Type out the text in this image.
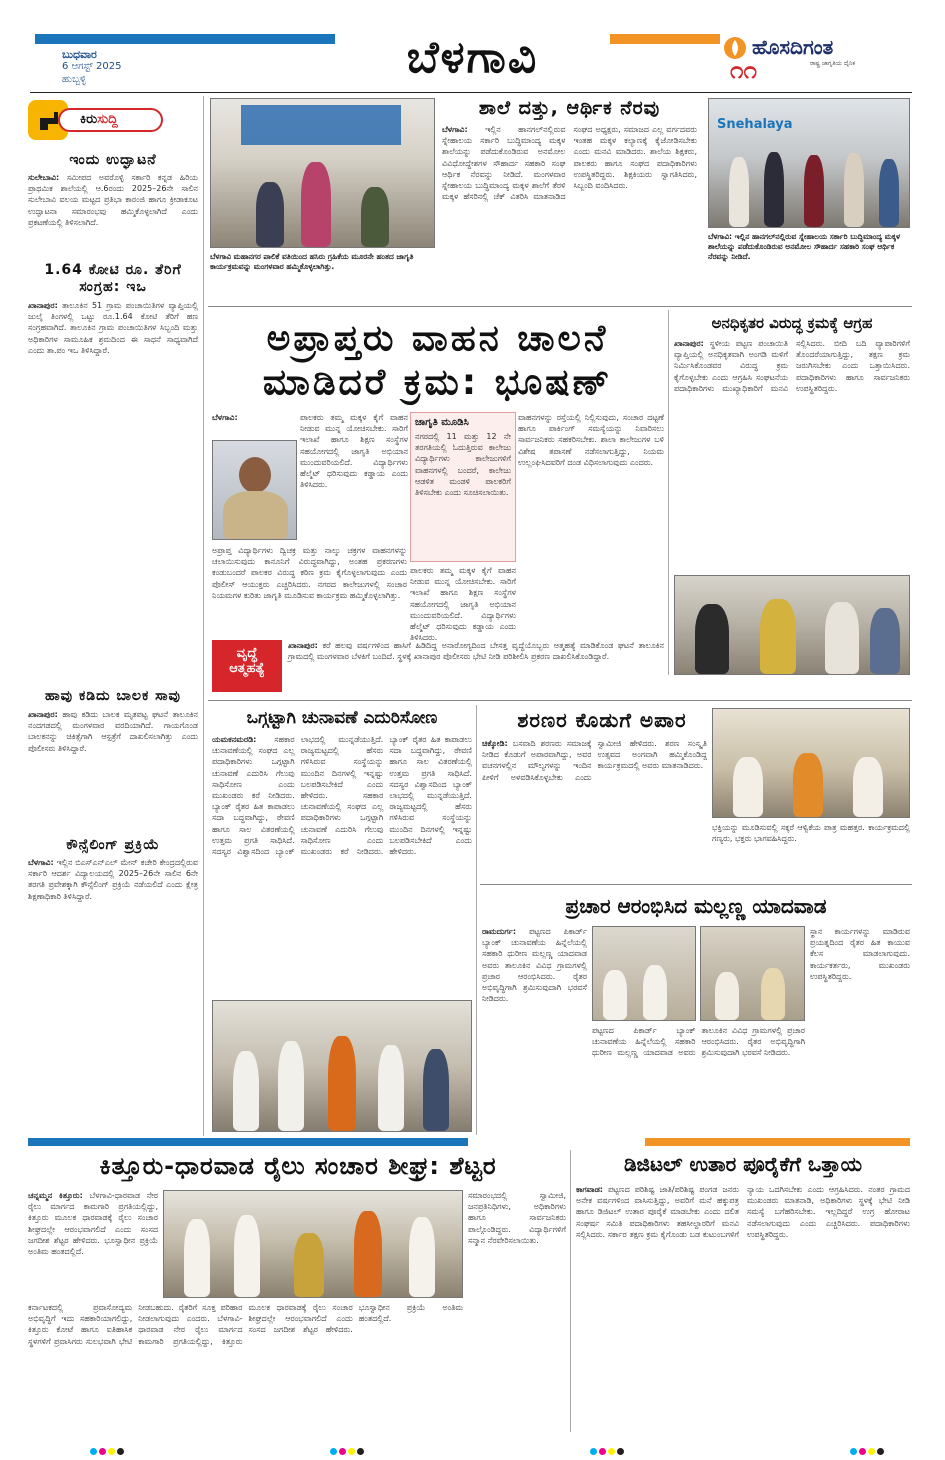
ಬುಧವಾರ
6 ಆಗಸ್ಟ್ 2025
ಹುಬ್ಬಳ್ಳಿ	ಬೆಳಗಾವಿ	ಹೊಸದಿಗಂತ
ರಾಷ್ಟ್ರ ಜಾಗೃತಿಯ ದೈನಿಕ
೧೧
ಕಿರುಸುದ್ದಿ
ಇಂದು ಉದ್ಘಾಟನೆ
ಸುಲೇಬಾವಿ: ಸಮೀಪದ ಅವರೊಳ್ಳಿ ಸರ್ಕಾರಿ ಕನ್ನಡ ಹಿರಿಯ ಪ್ರಾಥಮಿಕ ಶಾಲೆಯಲ್ಲಿ ಆ.6ರಂದು 2025–26ನೇ ಸಾಲಿನ ಸುಲೇಬಾವಿ ವಲಯ ಮಟ್ಟದ ಪ್ರತಿಭಾ ಕಾರಂಜಿ ಹಾಗೂ ಕ್ರೀಡಾಕೂಟ ಉದ್ಘಾಟನಾ ಸಮಾರಂಭವು ಹಮ್ಮಿಕೊಳ್ಳಲಾಗಿದೆ ಎಂದು ಪ್ರಕಟಣೆಯಲ್ಲಿ ತಿಳಿಸಲಾಗಿದೆ.
1.64 ಕೋಟಿ ರೂ. ತೆರಿಗೆ ಸಂಗ್ರಹ: ಇಒ
ಖಾನಾಪುರ: ತಾಲೂಕಿನ 51 ಗ್ರಾಮ ಪಂಚಾಯಿತಿಗಳ ವ್ಯಾಪ್ತಿಯಲ್ಲಿ ಜುಲೈ ತಿಂಗಳಲ್ಲಿ ಒಟ್ಟು ರೂ.1.64 ಕೋಟಿ ತೆರಿಗೆ ಹಣ ಸಂಗ್ರಹವಾಗಿದೆ. ತಾಲೂಕಿನ ಗ್ರಾಮ ಪಂಚಾಯಿತಿಗಳ ಸಿಬ್ಬಂದಿ ಮತ್ತು ಅಧಿಕಾರಿಗಳ ಸಾಮೂಹಿಕ ಶ್ರಮದಿಂದ ಈ ಸಾಧನೆ ಸಾಧ್ಯವಾಗಿದೆ ಎಂದು ತಾ.ಪಂ ಇಒ ತಿಳಿಸಿದ್ದಾರೆ.
ಹಾವು ಕಡಿದು ಬಾಲಕ ಸಾವು
ಖಾನಾಪುರ: ಹಾವು ಕಡಿದು ಬಾಲಕ ಮೃತಪಟ್ಟ ಘಟನೆ ತಾಲೂಕಿನ ನಂದಗಡದಲ್ಲಿ ಮಂಗಳವಾರ ವರದಿಯಾಗಿದೆ. ಗಾಯಗೊಂಡ ಬಾಲಕನನ್ನು ಚಿಕಿತ್ಸೆಗಾಗಿ ಆಸ್ಪತ್ರೆಗೆ ದಾಖಲಿಸಲಾಗಿತ್ತು ಎಂದು ಪೊಲೀಸರು ತಿಳಿಸಿದ್ದಾರೆ.
ಕೌನ್ಸೆಲಿಂಗ್ ಪ್ರಕ್ರಿಯೆ
ಬೆಳಗಾವಿ: ಇಲ್ಲಿನ ಬಿಎಸ್ಎನ್ಎಲ್ ಮೇನ್ ಕಚೇರಿ ಕೇಂದ್ರದಲ್ಲಿರುವ ಸರ್ಕಾರಿ ಆದರ್ಶ ವಿದ್ಯಾಲಯದಲ್ಲಿ 2025–26ನೇ ಸಾಲಿನ 6ನೇ ತರಗತಿ ಪ್ರವೇಶಕ್ಕಾಗಿ ಕೌನ್ಸೆಲಿಂಗ್ ಪ್ರಕ್ರಿಯೆ ನಡೆಯಲಿದೆ ಎಂದು ಕ್ಷೇತ್ರ ಶಿಕ್ಷಣಾಧಿಕಾರಿ ತಿಳಿಸಿದ್ದಾರೆ.
ಬೆಳಗಾವಿ ಮಹಾನಗರ ಪಾಲಿಕೆ ವತಿಯಿಂದ ಹಸಿರು ಗ್ರಹಿಕೆಯ ಮೂರನೇ ಹಂತದ ಜಾಗೃತಿ ಕಾರ್ಯಕ್ರಮವನ್ನು ಮಂಗಳವಾರ ಹಮ್ಮಿಕೊಳ್ಳಲಾಗಿತ್ತು.
ಶಾಲೆ ದತ್ತು, ಆರ್ಥಿಕ ನೆರವು
ಬೆಳಗಾವಿ: ಇಲ್ಲಿನ ಹಾನಗಲ್‌ನಲ್ಲಿರುವ ಸ್ನೇಹಾಲಯ ಸರ್ಕಾರಿ ಬುದ್ಧಿಮಾಂದ್ಯ ಮಕ್ಕಳ ಶಾಲೆಯನ್ನು ಪಡೆದುಕೊಂಡಿರುವ ಅನಮೋಲ ವಿವಿಧೋದ್ದೇಶಗಳ ಸೌಹಾರ್ದ ಸಹಕಾರಿ ಸಂಘ ಆರ್ಥಿಕ ನೆರವನ್ನು ನೀಡಿದೆ. ಮಂಗಳವಾರ ಸ್ನೇಹಾಲಯ ಬುದ್ಧಿಮಾಂದ್ಯ ಮಕ್ಕಳ ಶಾಲೆಗೆ ತೆರಳಿ ಮಕ್ಕಳ ಹೆಸರಿನಲ್ಲಿ ಚೆಕ್ ವಿತರಿಸಿ ಮಾತನಾಡಿದ ಸಂಘದ ಅಧ್ಯಕ್ಷರು, ಸಮಾಜದ ಎಲ್ಲ ವರ್ಗದವರು ಇಂತಹ ಮಕ್ಕಳ ಕಲ್ಯಾಣಕ್ಕೆ ಕೈಜೋಡಿಸಬೇಕು ಎಂದು ಮನವಿ ಮಾಡಿದರು. ಶಾಲೆಯ ಶಿಕ್ಷಕರು, ಪಾಲಕರು ಹಾಗೂ ಸಂಘದ ಪದಾಧಿಕಾರಿಗಳು ಉಪಸ್ಥಿತರಿದ್ದರು. ಶಿಕ್ಷಕಿಯರು ಸ್ವಾಗತಿಸಿದರು, ಸಿಬ್ಬಂದಿ ವಂದಿಸಿದರು.
Snehalaya
ಬೆಳಗಾವಿ: ಇಲ್ಲಿನ ಹಾನಗಲ್‌ನಲ್ಲಿರುವ ಸ್ನೇಹಾಲಯ ಸರ್ಕಾರಿ ಬುದ್ಧಿಮಾಂದ್ಯ ಮಕ್ಕಳ ಶಾಲೆಯನ್ನು ಪಡೆದುಕೊಂಡಿರುವ ಅನಮೋಲ ಸೌಹಾರ್ದ ಸಹಕಾರಿ ಸಂಘ ಆರ್ಥಿಕ ನೆರವನ್ನು ನೀಡಿದೆ.
ಅಪ್ರಾಪ್ತರು ವಾಹನ ಚಾಲನೆ
ಮಾಡಿದರೆ ಕ್ರಮ: ಭೂಷಣ್
ಬೆಳಗಾವಿ:
ಅಪ್ರಾಪ್ತ ವಿದ್ಯಾರ್ಥಿಗಳು ದ್ವಿಚಕ್ರ ಮತ್ತು ನಾಲ್ಕು ಚಕ್ರಗಳ ವಾಹನಗಳನ್ನು ಚಲಾಯಿಸುವುದು ಕಾನೂನಿಗೆ ವಿರುದ್ಧವಾಗಿದ್ದು, ಅಂತಹ ಪ್ರಕರಣಗಳು ಕಂಡುಬಂದರೆ ಪಾಲಕರ ವಿರುದ್ಧ ಕಠಿಣ ಕ್ರಮ ಕೈಗೊಳ್ಳಲಾಗುವುದು ಎಂದು ಪೊಲೀಸ್ ಆಯುಕ್ತರು ಎಚ್ಚರಿಸಿದರು. ನಗರದ ಕಾಲೇಜುಗಳಲ್ಲಿ ಸಂಚಾರ ನಿಯಮಗಳ ಕುರಿತು ಜಾಗೃತಿ ಮೂಡಿಸುವ ಕಾರ್ಯಕ್ರಮ ಹಮ್ಮಿಕೊಳ್ಳಲಾಗಿತ್ತು.
ಪಾಲಕರು ತಮ್ಮ ಮಕ್ಕಳ ಕೈಗೆ ವಾಹನ ನೀಡುವ ಮುನ್ನ ಯೋಚಿಸಬೇಕು. ಸಾರಿಗೆ ಇಲಾಖೆ ಹಾಗೂ ಶಿಕ್ಷಣ ಸಂಸ್ಥೆಗಳ ಸಹಯೋಗದಲ್ಲಿ ಜಾಗೃತಿ ಅಭಿಯಾನ ಮುಂದುವರಿಯಲಿದೆ. ವಿದ್ಯಾರ್ಥಿಗಳು ಹೆಲ್ಮೆಟ್ ಧರಿಸುವುದು ಕಡ್ಡಾಯ ಎಂದು ತಿಳಿಸಿದರು.
ಜಾಗೃತಿ ಮೂಡಿಸಿ
ನಗರದಲ್ಲಿ 11 ಮತ್ತು 12 ನೇ ತರಗತಿಯಲ್ಲಿ ಓದುತ್ತಿರುವ ಕಾಲೇಜು ವಿದ್ಯಾರ್ಥಿಗಳು ಕಾಲೇಜುಗಳಿಗೆ ವಾಹನಗಳಲ್ಲಿ ಬಂದರೆ, ಕಾಲೇಜು ಆಡಳಿತ ಮಂಡಳಿ ಪಾಲಕರಿಗೆ ತಿಳಿಸಬೇಕು ಎಂದು ಸೂಚಿಸಲಾಯಿತು.
ವಾಹನಗಳನ್ನು ರಸ್ತೆಯಲ್ಲಿ ನಿಲ್ಲಿಸುವುದು, ಸಂಚಾರ ದಟ್ಟಣೆ ಹಾಗೂ ಪಾರ್ಕಿಂಗ್ ಸಮಸ್ಯೆಯನ್ನು ನಿವಾರಿಸಲು ಸಾರ್ವಜನಿಕರು ಸಹಕರಿಸಬೇಕು. ಶಾಲಾ ಕಾಲೇಜುಗಳ ಬಳಿ ವಿಶೇಷ ತಪಾಸಣೆ ನಡೆಸಲಾಗುತ್ತಿದ್ದು, ನಿಯಮ ಉಲ್ಲಂಘಿಸಿದವರಿಗೆ ದಂಡ ವಿಧಿಸಲಾಗುವುದು ಎಂದರು.
ಪಾಲಕರು ತಮ್ಮ ಮಕ್ಕಳ ಕೈಗೆ ವಾಹನ ನೀಡುವ ಮುನ್ನ ಯೋಚಿಸಬೇಕು. ಸಾರಿಗೆ ಇಲಾಖೆ ಹಾಗೂ ಶಿಕ್ಷಣ ಸಂಸ್ಥೆಗಳ ಸಹಯೋಗದಲ್ಲಿ ಜಾಗೃತಿ ಅಭಿಯಾನ ಮುಂದುವರಿಯಲಿದೆ. ವಿದ್ಯಾರ್ಥಿಗಳು ಹೆಲ್ಮೆಟ್ ಧರಿಸುವುದು ಕಡ್ಡಾಯ ಎಂದು ತಿಳಿಸಿದರು.
ಅನಧಿಕೃತರ ವಿರುದ್ಧ ಕ್ರಮಕ್ಕೆ ಆಗ್ರಹ
ಖಾನಾಪುರ: ಸ್ಥಳೀಯ ಪಟ್ಟಣ ಪಂಚಾಯಿತಿ ವ್ಯಾಪ್ತಿಯಲ್ಲಿ ಅನಧಿಕೃತವಾಗಿ ಅಂಗಡಿ ಮಳಿಗೆ ನಿರ್ಮಿಸಿಕೊಂಡವರ ವಿರುದ್ಧ ಕ್ರಮ ಕೈಗೊಳ್ಳಬೇಕು ಎಂದು ಆಗ್ರಹಿಸಿ ಸಂಘಟನೆಯ ಪದಾಧಿಕಾರಿಗಳು ಮುಖ್ಯಾಧಿಕಾರಿಗೆ ಮನವಿ ಸಲ್ಲಿಸಿದರು. ಬೀದಿ ಬದಿ ವ್ಯಾಪಾರಿಗಳಿಗೆ ತೊಂದರೆಯಾಗುತ್ತಿದ್ದು, ತಕ್ಷಣ ಕ್ರಮ ಜರುಗಿಸಬೇಕು ಎಂದು ಒತ್ತಾಯಿಸಿದರು. ಪದಾಧಿಕಾರಿಗಳು ಹಾಗೂ ಸಾರ್ವಜನಿಕರು ಉಪಸ್ಥಿತರಿದ್ದರು.
ವೃದ್ಧೆ
ಆತ್ಮಹತ್ಯೆ
ಖಾನಾಪುರ: ಕರೆ ಹಲವು ವರ್ಷಗಳಿಂದ ಹಾಸಿಗೆ ಹಿಡಿದಿದ್ದ ಅನಾರೋಗ್ಯದಿಂದ ಬೇಸತ್ತ ವೃದ್ಧೆಯೊಬ್ಬರು ಆತ್ಮಹತ್ಯೆ ಮಾಡಿಕೊಂಡ ಘಟನೆ ತಾಲೂಕಿನ ಗ್ರಾಮದಲ್ಲಿ ಮಂಗಳವಾರ ಬೆಳಕಿಗೆ ಬಂದಿದೆ. ಸ್ಥಳಕ್ಕೆ ಖಾನಾಪುರ ಪೊಲೀಸರು ಭೇಟಿ ನೀಡಿ ಪರಿಶೀಲಿಸಿ ಪ್ರಕರಣ ದಾಖಲಿಸಿಕೊಂಡಿದ್ದಾರೆ.
ಒಗ್ಗಟ್ಟಾಗಿ ಚುನಾವಣೆ ಎದುರಿಸೋಣ
ಯಮಕನಮರಡಿ: ಸಹಕಾರ ಚುನಾವಣೆಯಲ್ಲಿ ಸಂಘದ ಎಲ್ಲ ಪದಾಧಿಕಾರಿಗಳು ಒಗ್ಗಟ್ಟಾಗಿ ಚುನಾವಣೆ ಎದುರಿಸಿ ಗೆಲುವು ಸಾಧಿಸೋಣ ಎಂದು ಮುಖಂಡರು ಕರೆ ನೀಡಿದರು. ಬ್ಯಾಂಕ್ ರೈತರ ಹಿತ ಕಾಪಾಡಲು ಸದಾ ಬದ್ಧವಾಗಿದ್ದು, ಠೇವಣಿ ಹಾಗೂ ಸಾಲ ವಿತರಣೆಯಲ್ಲಿ ಉತ್ತಮ ಪ್ರಗತಿ ಸಾಧಿಸಿದೆ. ಸದಸ್ಯರ ವಿಶ್ವಾಸದಿಂದ ಬ್ಯಾಂಕ್ ಲಾಭದಲ್ಲಿ ಮುನ್ನಡೆಯುತ್ತಿದೆ. ರಾಜ್ಯಮಟ್ಟದಲ್ಲಿ ಹೆಸರು ಗಳಿಸಿರುವ ಸಂಸ್ಥೆಯನ್ನು ಮುಂದಿನ ದಿನಗಳಲ್ಲಿ ಇನ್ನಷ್ಟು ಬಲಪಡಿಸಬೇಕಿದೆ ಎಂದು ಹೇಳಿದರು.	ಸಹಕಾರ ಚುನಾವಣೆಯಲ್ಲಿ ಸಂಘದ ಎಲ್ಲ ಪದಾಧಿಕಾರಿಗಳು ಒಗ್ಗಟ್ಟಾಗಿ ಚುನಾವಣೆ ಎದುರಿಸಿ ಗೆಲುವು ಸಾಧಿಸೋಣ ಎಂದು ಮುಖಂಡರು ಕರೆ ನೀಡಿದರು. ಬ್ಯಾಂಕ್ ರೈತರ ಹಿತ ಕಾಪಾಡಲು ಸದಾ ಬದ್ಧವಾಗಿದ್ದು, ಠೇವಣಿ ಹಾಗೂ ಸಾಲ ವಿತರಣೆಯಲ್ಲಿ ಉತ್ತಮ ಪ್ರಗತಿ ಸಾಧಿಸಿದೆ. ಸದಸ್ಯರ ವಿಶ್ವಾಸದಿಂದ ಬ್ಯಾಂಕ್ ಲಾಭದಲ್ಲಿ ಮುನ್ನಡೆಯುತ್ತಿದೆ. ರಾಜ್ಯಮಟ್ಟದಲ್ಲಿ ಹೆಸರು ಗಳಿಸಿರುವ ಸಂಸ್ಥೆಯನ್ನು ಮುಂದಿನ ದಿನಗಳಲ್ಲಿ ಇನ್ನಷ್ಟು ಬಲಪಡಿಸಬೇಕಿದೆ ಎಂದು ಹೇಳಿದರು.
ಶರಣರ ಕೊಡುಗೆ ಅಪಾರ
ಚಿಕ್ಕೋಡಿ: ಬಸವಾದಿ ಶರಣರು ಸಮಾಜಕ್ಕೆ ನೀಡಿದ ಕೊಡುಗೆ ಅಪಾರವಾಗಿದ್ದು, ಅವರ ವಚನಗಳಲ್ಲಿನ ಮೌಲ್ಯಗಳನ್ನು ಇಂದಿನ ಪೀಳಿಗೆ ಅಳವಡಿಸಿಕೊಳ್ಳಬೇಕು ಎಂದು ಸ್ವಾಮೀಜಿ ಹೇಳಿದರು. ಶರಣ ಸಂಸ್ಕೃತಿ ಉತ್ಸವದ ಅಂಗವಾಗಿ ಹಮ್ಮಿಕೊಂಡಿದ್ದ ಕಾರ್ಯಕ್ರಮದಲ್ಲಿ ಅವರು ಮಾತನಾಡಿದರು.
ಭಕ್ತಿಯನ್ನು ಮೂಡಿಸುವಲ್ಲಿ ಸಕ್ಕರೆ ಆಳ್ವಿಕೆಯ ಪಾತ್ರ ಮಹತ್ತರ. ಕಾರ್ಯಕ್ರಮದಲ್ಲಿ ಗಣ್ಯರು, ಭಕ್ತರು ಭಾಗವಹಿಸಿದ್ದರು.
ಪ್ರಚಾರ ಆರಂಭಿಸಿದ ಮಲ್ಲಣ್ಣ ಯಾದವಾಡ
ರಾಮದುರ್ಗ: ಪಟ್ಟಣದ ಪಿಕಾರ್ಡ್ ಬ್ಯಾಂಕ್ ಚುನಾವಣೆಯ ಹಿನ್ನೆಲೆಯಲ್ಲಿ ಸಹಕಾರಿ ಧುರೀಣ ಮಲ್ಲಣ್ಣ ಯಾದವಾಡ ಅವರು ತಾಲೂಕಿನ ವಿವಿಧ ಗ್ರಾಮಗಳಲ್ಲಿ ಪ್ರಚಾರ ಆರಂಭಿಸಿದರು. ರೈತರ ಅಭಿವೃದ್ಧಿಗಾಗಿ ಶ್ರಮಿಸುವುದಾಗಿ ಭರವಸೆ ನೀಡಿದರು.
ಪಟ್ಟಣದ ಪಿಕಾರ್ಡ್ ಬ್ಯಾಂಕ್ ಚುನಾವಣೆಯ ಹಿನ್ನೆಲೆಯಲ್ಲಿ ಸಹಕಾರಿ ಧುರೀಣ ಮಲ್ಲಣ್ಣ ಯಾದವಾಡ ಅವರು ತಾಲೂಕಿನ ವಿವಿಧ ಗ್ರಾಮಗಳಲ್ಲಿ ಪ್ರಚಾರ ಆರಂಭಿಸಿದರು. ರೈತರ ಅಭಿವೃದ್ಧಿಗಾಗಿ ಶ್ರಮಿಸುವುದಾಗಿ ಭರವಸೆ ನೀಡಿದರು.
ಸ್ಥಾನ ಕಾರ್ಯಗಳನ್ನು ಮಾಡಿರುವ ಪ್ರಯತ್ನದಿಂದ ರೈತರ ಹಿತ ಕಾಯುವ ಕೆಲಸ ಮಾಡಲಾಗುವುದು. ಕಾರ್ಯಕರ್ತರು, ಮುಖಂಡರು ಉಪಸ್ಥಿತರಿದ್ದರು.
ಕಿತ್ತೂರು-ಧಾರವಾಡ ರೈಲು ಸಂಚಾರ ಶೀಘ್ರ: ಶೆಟ್ಟರ
ಚನ್ನಮ್ಮನ ಕಿತ್ತೂರು: ಬೆಳಗಾವಿ-ಧಾರವಾಡ ನೇರ ರೈಲು ಮಾರ್ಗದ ಕಾಮಗಾರಿ ಪ್ರಗತಿಯಲ್ಲಿದ್ದು, ಕಿತ್ತೂರು ಮೂಲಕ ಧಾರವಾಡಕ್ಕೆ ರೈಲು ಸಂಚಾರ ಶೀಘ್ರದಲ್ಲೇ ಆರಂಭವಾಗಲಿದೆ ಎಂದು ಸಂಸದ ಜಗದೀಶ ಶೆಟ್ಟರ ಹೇಳಿದರು. ಭೂಸ್ವಾಧೀನ ಪ್ರಕ್ರಿಯೆ ಅಂತಿಮ ಹಂತದಲ್ಲಿದೆ.
ಕರ್ನಾಟಕದಲ್ಲಿ ಪ್ರವಾಸೋದ್ಯಮ ಅಭಿವೃದ್ಧಿಗೆ ಇದು ಸಹಕಾರಿಯಾಗಲಿದ್ದು, ಕಿತ್ತೂರು ಕೋಟೆ ಹಾಗೂ ಐತಿಹಾಸಿಕ ಸ್ಥಳಗಳಿಗೆ ಪ್ರವಾಸಿಗರು ಸುಲಭವಾಗಿ ಭೇಟಿ ನೀಡಬಹುದು. ರೈತರಿಗೆ ಸೂಕ್ತ ಪರಿಹಾರ ನೀಡಲಾಗುವುದು ಎಂದರು. ಬೆಳಗಾವಿ-ಧಾರವಾಡ ನೇರ ರೈಲು ಮಾರ್ಗದ ಕಾಮಗಾರಿ ಪ್ರಗತಿಯಲ್ಲಿದ್ದು, ಕಿತ್ತೂರು ಮೂಲಕ ಧಾರವಾಡಕ್ಕೆ ರೈಲು ಸಂಚಾರ ಶೀಘ್ರದಲ್ಲೇ ಆರಂಭವಾಗಲಿದೆ ಎಂದು ಸಂಸದ ಜಗದೀಶ ಶೆಟ್ಟರ ಹೇಳಿದರು. ಭೂಸ್ವಾಧೀನ ಪ್ರಕ್ರಿಯೆ ಅಂತಿಮ ಹಂತದಲ್ಲಿದೆ.
ಸಮಾರಂಭದಲ್ಲಿ ಸ್ವಾಮೀಜಿ, ಜನಪ್ರತಿನಿಧಿಗಳು, ಅಧಿಕಾರಿಗಳು ಹಾಗೂ ಸಾರ್ವಜನಿಕರು ಪಾಲ್ಗೊಂಡಿದ್ದರು. ವಿದ್ಯಾರ್ಥಿಗಳಿಗೆ ಸನ್ಮಾನ ನೆರವೇರಿಸಲಾಯಿತು.
ಡಿಜಿಟಲ್ ಉತಾರ ಪೂರೈಕೆಗೆ ಒತ್ತಾಯ
ಕಾಗವಾಡ: ಪಟ್ಟಣದ ಪರಿಶಿಷ್ಟ ಜಾತಿ/ಪರಿಶಿಷ್ಟ ಪಂಗಡ ಜನರು ಅನೇಕ ವರ್ಷಗಳಿಂದ ವಾಸಿಸುತ್ತಿದ್ದು, ಅವರಿಗೆ ಮನೆ ಹಕ್ಕುಪತ್ರ ಹಾಗೂ ಡಿಜಿಟಲ್ ಉತಾರ ಪೂರೈಕೆ ಮಾಡಬೇಕು ಎಂದು ದಲಿತ ಸಂಘರ್ಷ ಸಮಿತಿ ಪದಾಧಿಕಾರಿಗಳು ತಹಸೀಲ್ದಾರರಿಗೆ ಮನವಿ ಸಲ್ಲಿಸಿದರು. ಸರ್ಕಾರ ತಕ್ಷಣ ಕ್ರಮ ಕೈಗೊಂಡು ಬಡ ಕುಟುಂಬಗಳಿಗೆ ನ್ಯಾಯ ಒದಗಿಸಬೇಕು ಎಂದು ಆಗ್ರಹಿಸಿದರು. ನಂತರ ಗ್ರಾಮದ ಮುಖಂಡರು ಮಾತನಾಡಿ, ಅಧಿಕಾರಿಗಳು ಸ್ಥಳಕ್ಕೆ ಭೇಟಿ ನೀಡಿ ಸಮಸ್ಯೆ ಬಗೆಹರಿಸಬೇಕು. ಇಲ್ಲದಿದ್ದರೆ ಉಗ್ರ ಹೋರಾಟ ನಡೆಸಲಾಗುವುದು ಎಂದು ಎಚ್ಚರಿಸಿದರು. ಪದಾಧಿಕಾರಿಗಳು ಉಪಸ್ಥಿತರಿದ್ದರು.
